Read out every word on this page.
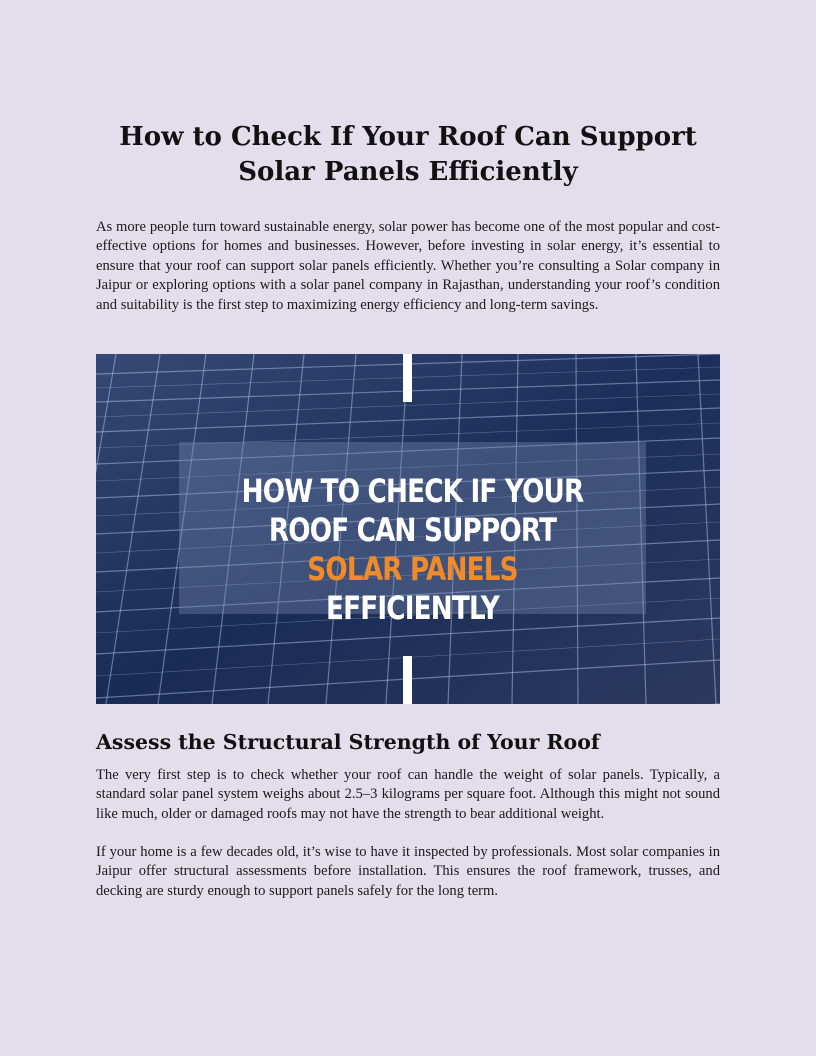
How to Check If Your Roof Can Support Solar Panels Efficiently

As more people turn toward sustainable energy, solar power has become one of the most popular and cost-effective options for homes and businesses. However, before investing in solar energy, it’s essential to ensure that your roof can support solar panels efficiently. Whether you’re consulting a Solar company in Jaipur or exploring options with a solar panel company in Rajasthan, understanding your roof’s condition and suitability is the first step to maximizing energy efficiency and long-term savings.

HOW TO CHECK IF YOUR
ROOF CAN SUPPORT
SOLAR PANELS EFFICIENTLY
Assess the Structural Strength of Your Roof

The very first step is to check whether your roof can handle the weight of solar panels. Typically, a standard solar panel system weighs about 2.5–3 kilograms per square foot. Although this might not sound like much, older or damaged roofs may not have the strength to bear additional weight.

If your home is a few decades old, it’s wise to have it inspected by professionals. Most solar companies in Jaipur offer structural assessments before installation. This ensures the roof framework, trusses, and decking are sturdy enough to support panels safely for the long term.
